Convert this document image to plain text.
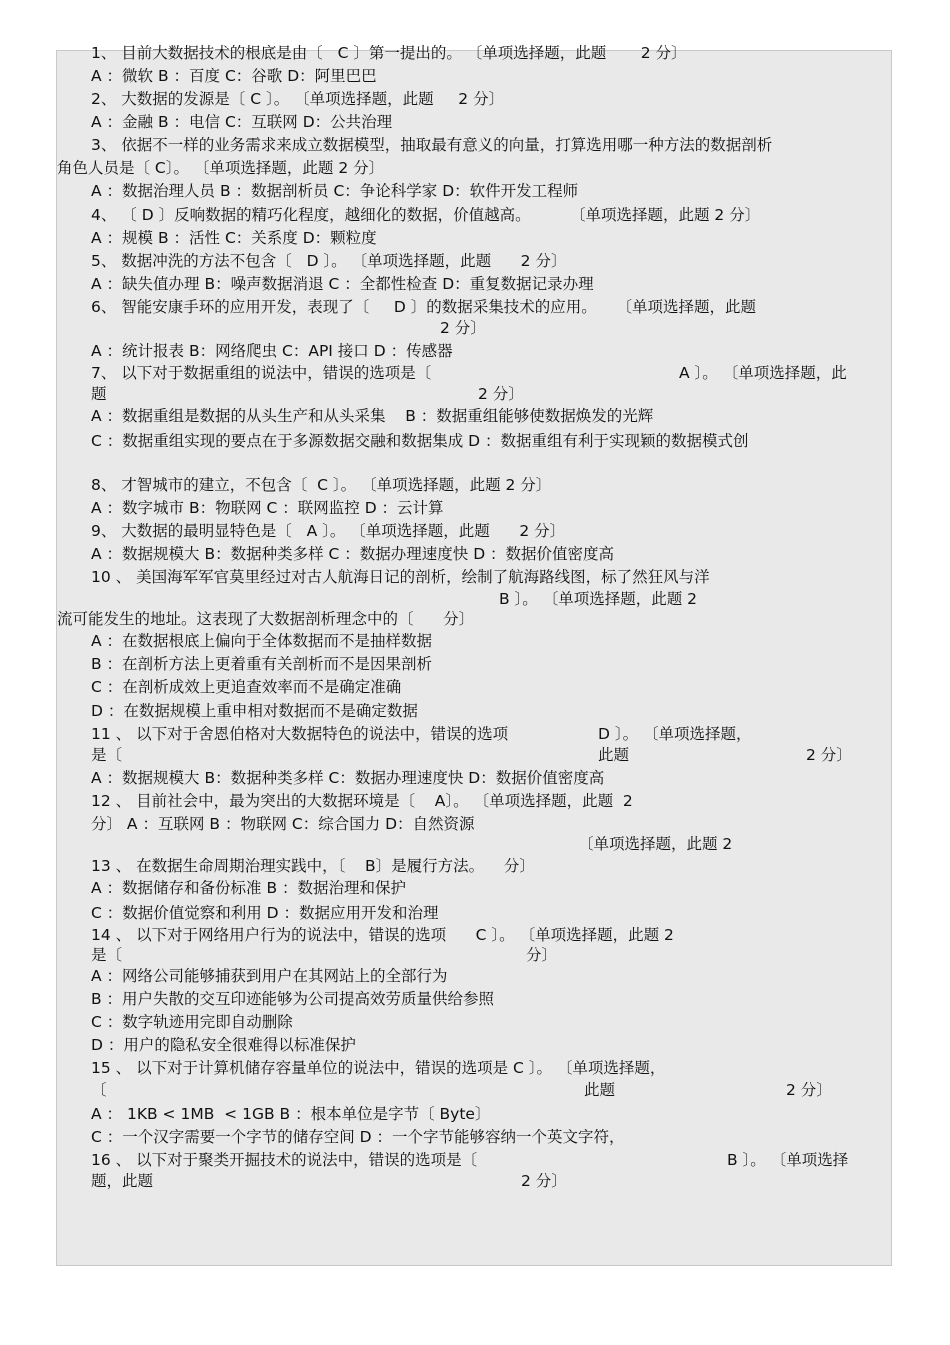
1、 目前大数据技术的根底是由〔   C 〕第一提出的。 〔单项选择题，此题       2 分〕
A ：微软 B ：百度 C：谷歌 D：阿里巴巴
2、 大数据的发源是〔 C 〕。 〔单项选择题，此题     2 分〕
A ：金融 B ：电信 C：互联网 D：公共治理
3、 依据不一样的业务需求来成立数据模型，抽取最有意义的向量，打算选用哪一种方法的数据剖析
角色人员是〔 C〕。 〔单项选择题，此题 2 分〕
A ：数据治理人员 B ：数据剖析员 C：争论科学家 D：软件开发工程师
4、 〔 D 〕反响数据的精巧化程度，越细化的数据，价值越高。        〔单项选择题，此题 2 分〕
A ：规模 B ：活性 C：关系度 D：颗粒度
5、 数据冲洗的方法不包含〔   D 〕。 〔单项选择题，此题      2 分〕
A ：缺失值办理 B：噪声数据消退 C ：全都性检查 D：重复数据记录办理
6、 智能安康手环的应用开发，表现了〔     D 〕的数据采集技术的应用。    〔单项选择题，此题
2 分〕
A ：统计报表 B：网络爬虫 C：API 接口 D ：传感器
7、 以下对于数据重组的说法中，错误的选项是〔	A 〕。 〔单项选择题，此
题	2 分〕
A ：数据重组是数据的从头生产和从头采集    B ：数据重组能够使数据焕发的光辉
C ：数据重组实现的要点在于多源数据交融和数据集成 D ：数据重组有利于实现颖的数据模式创
8、 才智城市的建立，不包含〔  C 〕。 〔单项选择题，此题 2 分〕
A ：数字城市 B：物联网 C ：联网监控 D ：云计算
9、 大数据的最明显特色是〔   A 〕。 〔单项选择题，此题      2 分〕
A ：数据规模大 B：数据种类多样 C ：数据办理速度快 D ：数据价值密度高
10 、 美国海军军官莫里经过对古人航海日记的剖析，绘制了航海路线图，标了然狂风与洋
B 〕。 〔单项选择题，此题 2
流可能发生的地址。这表现了大数据剖析理念中的〔      分〕
A ：在数据根底上偏向于全体数据而不是抽样数据
B ：在剖析方法上更着重有关剖析而不是因果剖析
C ：在剖析成效上更追查效率而不是确定准确
D ：在数据规模上重申相对数据而不是确定数据
11 、 以下对于舍恩伯格对大数据特色的说法中，错误的选项	D 〕。 〔单项选择题，
是〔	此题	2 分〕
A ：数据规模大 B：数据种类多样 C：数据办理速度快 D：数据价值密度高
12 、 目前社会中，最为突出的大数据环境是〔    A〕。 〔单项选择题，此题  2
分〕 A ：互联网 B ：物联网 C：综合国力 D：自然资源
〔单项选择题，此题 2
13 、 在数据生命周期治理实践中，〔    B〕是履行方法。    分〕
A ：数据储存和备份标准 B ：数据治理和保护
C ：数据价值觉察和利用 D ：数据应用开发和治理
14 、 以下对于网络用户行为的说法中，错误的选项      C 〕。 〔单项选择题，此题 2
是〔	分〕
A ：网络公司能够捕获到用户在其网站上的全部行为
B ：用户失散的交互印迹能够为公司提高效劳质量供给参照
C ：数字轨迹用完即自动删除
D ：用户的隐私安全很难得以标准保护
15 、 以下对于计算机储存容量单位的说法中，错误的选项是 C 〕。 〔单项选择题，
〔	此题	2 分〕
A ： 1KB < 1MB  < 1GB B ：根本单位是字节〔 Byte〕
C ：一个汉字需要一个字节的储存空间 D ：一个字节能够容纳一个英文字符，
16 、 以下对于聚类开掘技术的说法中，错误的选项是〔	B 〕。 〔单项选择
题，此题	2 分〕
